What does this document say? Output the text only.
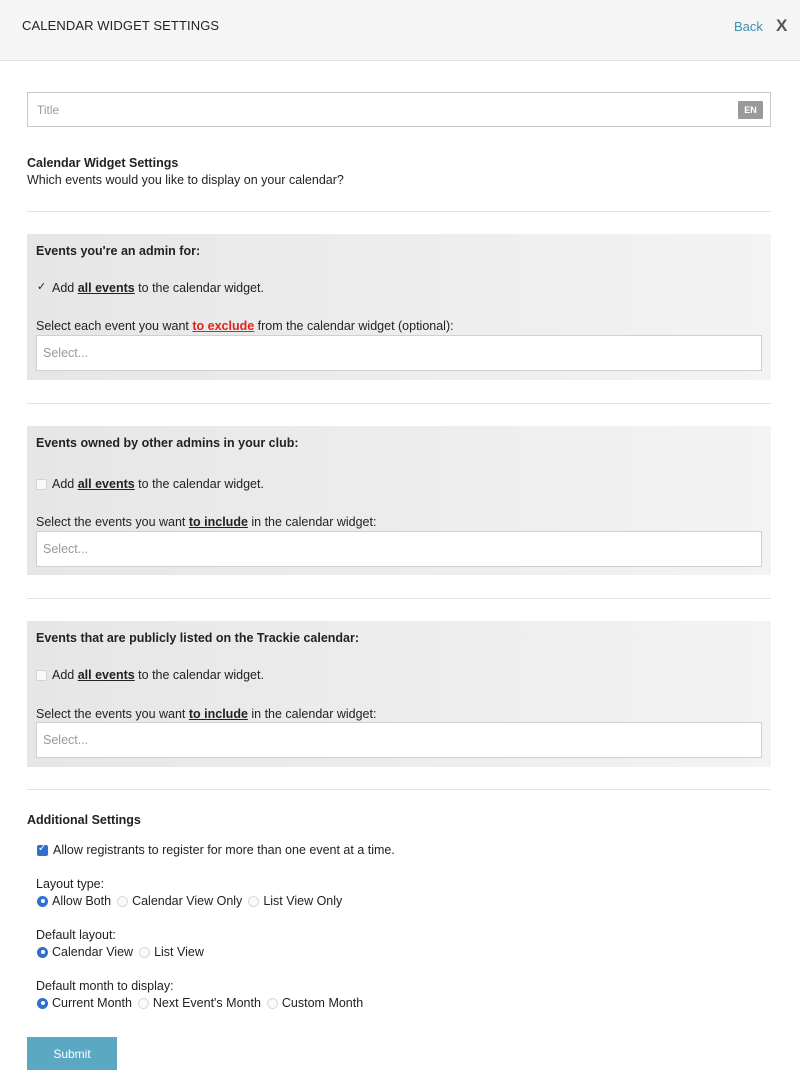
CALENDAR WIDGET SETTINGS	Back X
Title
EN
Calendar Widget Settings
Which events would you like to display on your calendar?
Events you're an admin for:
✓
Add all events to the calendar widget.
Select each event you want to exclude from the calendar widget (optional):
Select...
Events owned by other admins in your club:
Add all events to the calendar widget.
Select the events you want to include in the calendar widget:
Select...
Events that are publicly listed on the Trackie calendar:
Add all events to the calendar widget.
Select the events you want to include in the calendar widget:
Select...
Additional Settings
✓
Allow registrants to register for more than one event at a time.
Layout type:
Allow Both Calendar View Only List View Only
Default layout:
Calendar View List View
Default month to display:
Current Month Next Event's Month Custom Month
Submit
